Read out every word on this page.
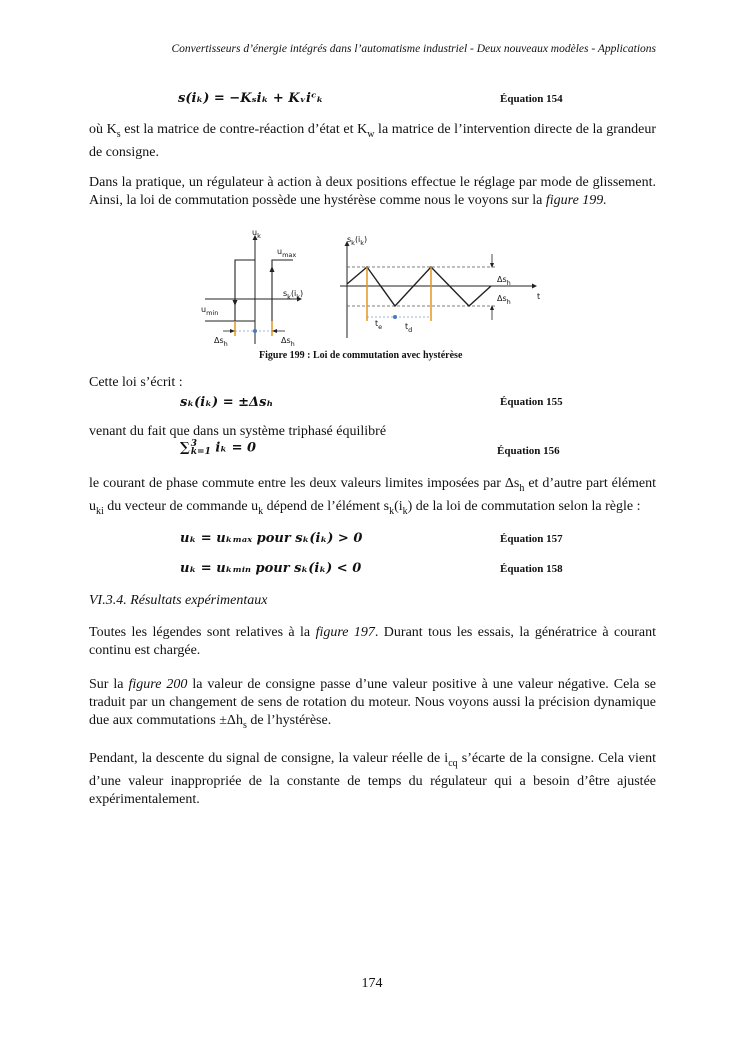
Convertisseurs d’énergie intégrés dans l’automatisme industriel - Deux nouveaux modèles - Applications
s(iₖ) = −Kₛiₖ + Kᵥiᶜₖ	Équation 154
où $K_s$ est la matrice de contre-réaction d’état et $K_w$ la matrice de l’intervention directe de la grandeur de consigne.
Dans la pratique, un régulateur à action à deux positions effectue le réglage par mode de glissement. Ainsi, la loi de commutation possède une hystérèse comme nous le voyons sur la figure 199.
$u_k$
$u_{max}$
$u_{min}$
$s_k(i_k)$
$\Delta s_h$	$\Delta s_h$
$s_k(i_k)$
$\Delta s_h$
$\Delta s_h$
t
$t_e$	$t_d$
Figure 199 : Loi de commutation avec hystérèse
Cette loi s’écrit :
sₖ(iₖ) = ±Δsₕ	Équation 155
venant du fait que dans un système triphasé équilibré
∑ 3
k=1 iₖ = 0	Équation 156
le courant de phase commute entre les deux valeurs limites imposées par $\Delta s_h$ et d’autre part élément $u_{ki}$ du vecteur de commande $u_k$ dépend de l’élément $s_k(i_k)$ de la loi de commutation selon la règle :
uₖ = uₖₘₐₓ pour sₖ(iₖ) > 0	Équation 157
uₖ = uₖₘᵢₙ pour sₖ(iₖ) < 0	Équation 158
VI.3.4. Résultats expérimentaux
Toutes les légendes sont relatives à la figure 197. Durant tous les essais, la génératrice à courant continu est chargée.
Sur la figure 200 la valeur de consigne passe d’une valeur positive à une valeur négative. Cela se traduit par un changement de sens de rotation du moteur. Nous voyons aussi la précision dynamique due aux commutations $\pm\Delta h_s$ de l’hystérèse.
Pendant, la descente du signal de consigne, la valeur réelle de $i_{cq}$ s’écarte de la consigne. Cela vient d’une valeur inappropriée de la constante de temps du régulateur qui a besoin d’être ajustée expérimentalement.
174
